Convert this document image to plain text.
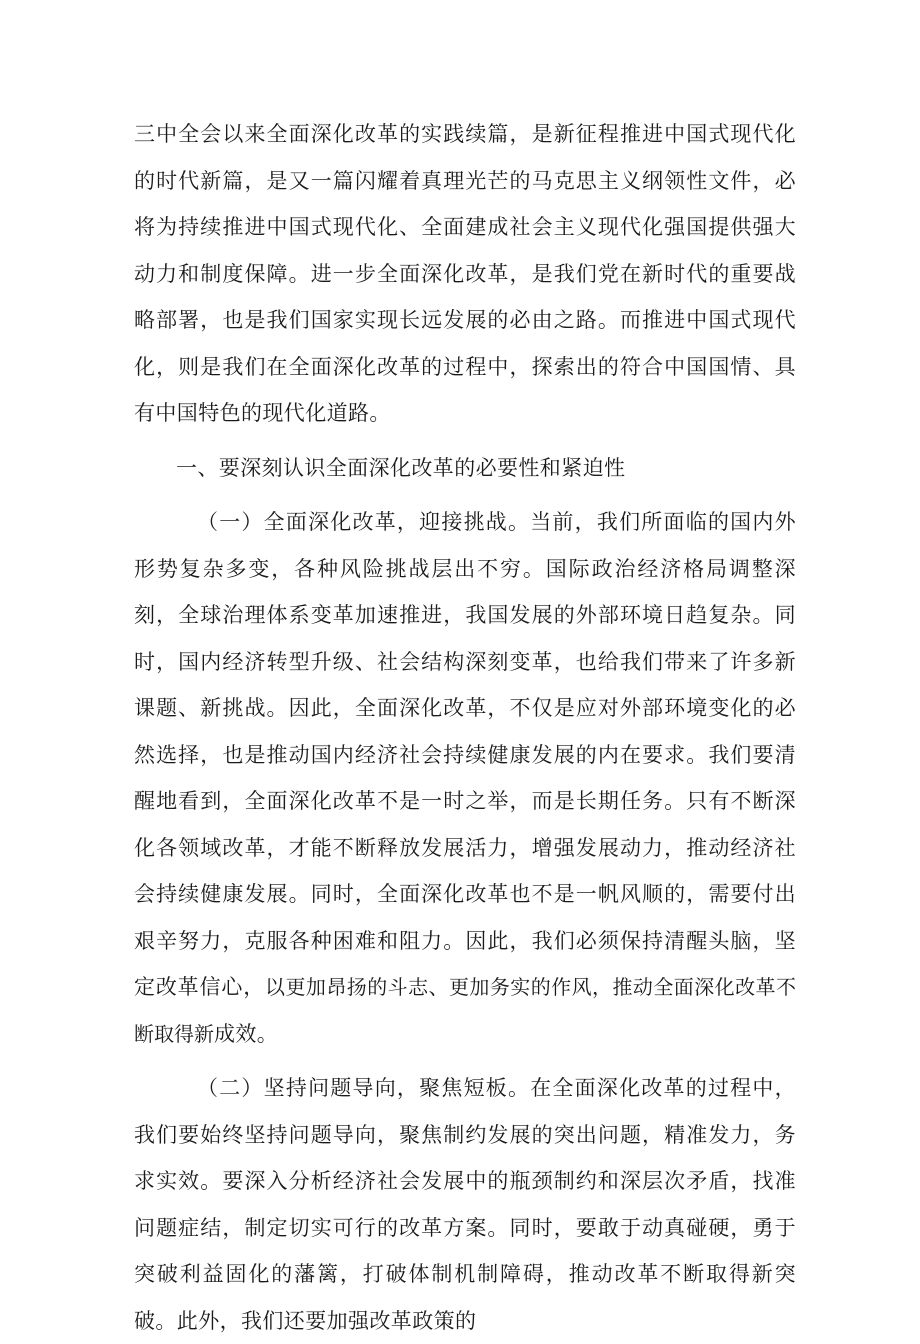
三中全会以来全面深化改革的实践续篇，是新征程推进中国式现代化的时代新篇，是又一篇闪耀着真理光芒的马克思主义纲领性文件，必将为持续推进中国式现代化、全面建成社会主义现代化强国提供强大动力和制度保障。进一步全面深化改革，是我们党在新时代的重要战略部署，也是我们国家实现长远发展的必由之路。而推进中国式现代化，则是我们在全面深化改革的过程中，探索出的符合中国国情、具有中国特色的现代化道路。

一、要深刻认识全面深化改革的必要性和紧迫性

（一）全面深化改革，迎接挑战。当前，我们所面临的国内外形势复杂多变，各种风险挑战层出不穷。国际政治经济格局调整深刻，全球治理体系变革加速推进，我国发展的外部环境日趋复杂。同时，国内经济转型升级、社会结构深刻变革，也给我们带来了许多新课题、新挑战。因此，全面深化改革，不仅是应对外部环境变化的必然选择，也是推动国内经济社会持续健康发展的内在要求。我们要清醒地看到，全面深化改革不是一时之举，而是长期任务。只有不断深化各领域改革，才能不断释放发展活力，增强发展动力，推动经济社会持续健康发展。同时，全面深化改革也不是一帆风顺的，需要付出艰辛努力，克服各种困难和阻力。因此，我们必须保持清醒头脑，坚定改革信心，以更加昂扬的斗志、更加务实的作风，推动全面深化改革不断取得新成效。

（二）坚持问题导向，聚焦短板。在全面深化改革的过程中，我们要始终坚持问题导向，聚焦制约发展的突出问题，精准发力，务求实效。要深入分析经济社会发展中的瓶颈制约和深层次矛盾，找准问题症结，制定切实可行的改革方案。同时，要敢于动真碰硬，勇于突破利益固化的藩篱，打破体制机制障碍，推动改革不断取得新突破。此外，我们还要加强改革政策的
